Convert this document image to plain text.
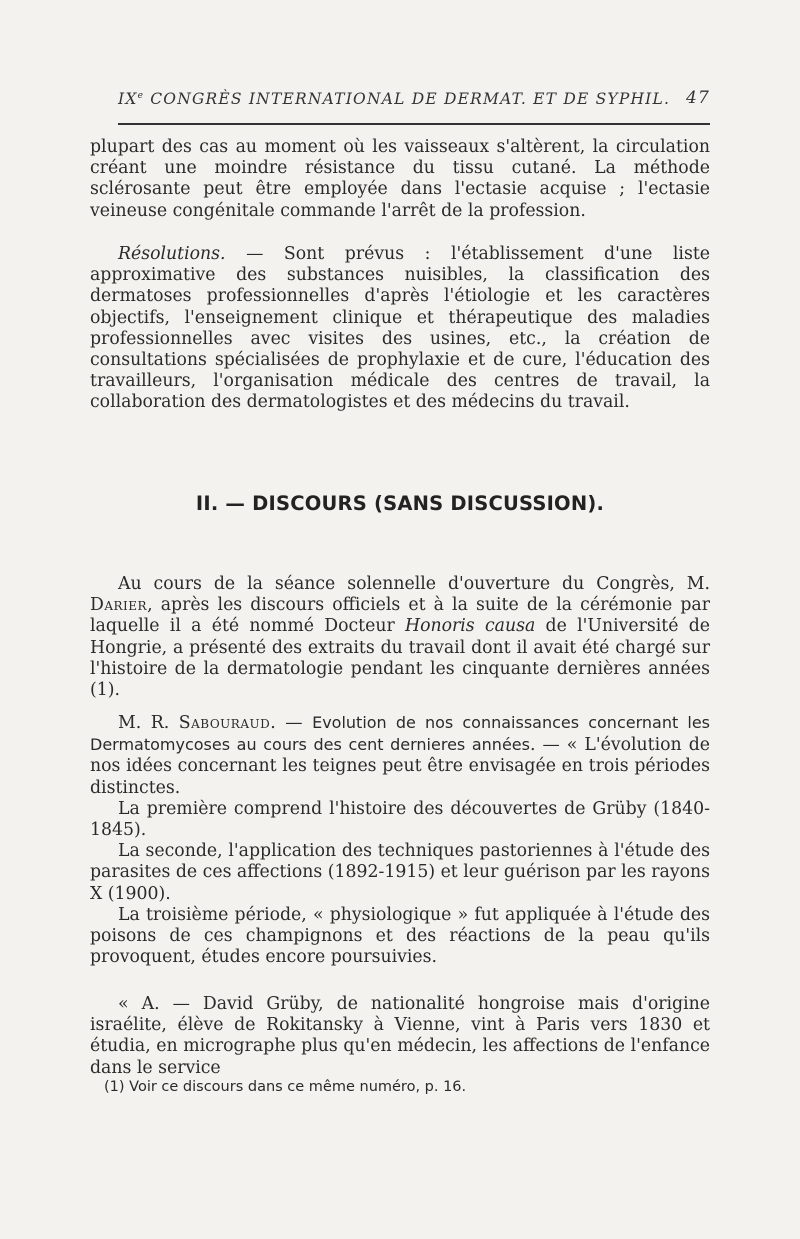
IXe CONGRÈS INTERNATIONAL DE DERMAT. ET DE SYPHIL. 47

plupart des cas au moment où les vaisseaux s'altèrent, la circulation créant une moindre résistance du tissu cutané. La méthode sclérosante peut être employée dans l'ectasie acquise ; l'ectasie veineuse congénitale commande l'arrêt de la profession.

Résolutions. — Sont prévus : l'établissement d'une liste approximative des substances nuisibles, la classification des dermatoses professionnelles d'après l'étiologie et les caractères objectifs, l'enseignement clinique et thérapeutique des maladies professionnelles avec visites des usines, etc., la création de consultations spécialisées de prophylaxie et de cure, l'éducation des travailleurs, l'organisation médicale des centres de travail, la collaboration des dermatologistes et des médecins du travail.

II. — DISCOURS (SANS DISCUSSION).

Au cours de la séance solennelle d'ouverture du Congrès, M. Darier, après les discours officiels et à la suite de la cérémonie par laquelle il a été nommé Docteur Honoris causa de l'Université de Hongrie, a présenté des extraits du travail dont il avait été chargé sur l'histoire de la dermatologie pendant les cinquante dernières années (1).

M. R. Sabouraud. — Evolution de nos connaissances concernant les Dermatomycoses au cours des cent dernieres années. — « L'évolution de nos idées concernant les teignes peut être envisagée en trois périodes distinctes.

La première comprend l'histoire des découvertes de Grüby (1840-1845).

La seconde, l'application des techniques pastoriennes à l'étude des parasites de ces affections (1892-1915) et leur guérison par les rayons X (1900).

La troisième période, « physiologique » fut appliquée à l'étude des poisons de ces champignons et des réactions de la peau qu'ils provoquent, études encore poursuivies.

« A. — David Grüby, de nationalité hongroise mais d'origine israélite, élève de Rokitansky à Vienne, vint à Paris vers 1830 et étudia, en micrographe plus qu'en médecin, les affections de l'enfance dans le service

(1) Voir ce discours dans ce même numéro, p. 16.
